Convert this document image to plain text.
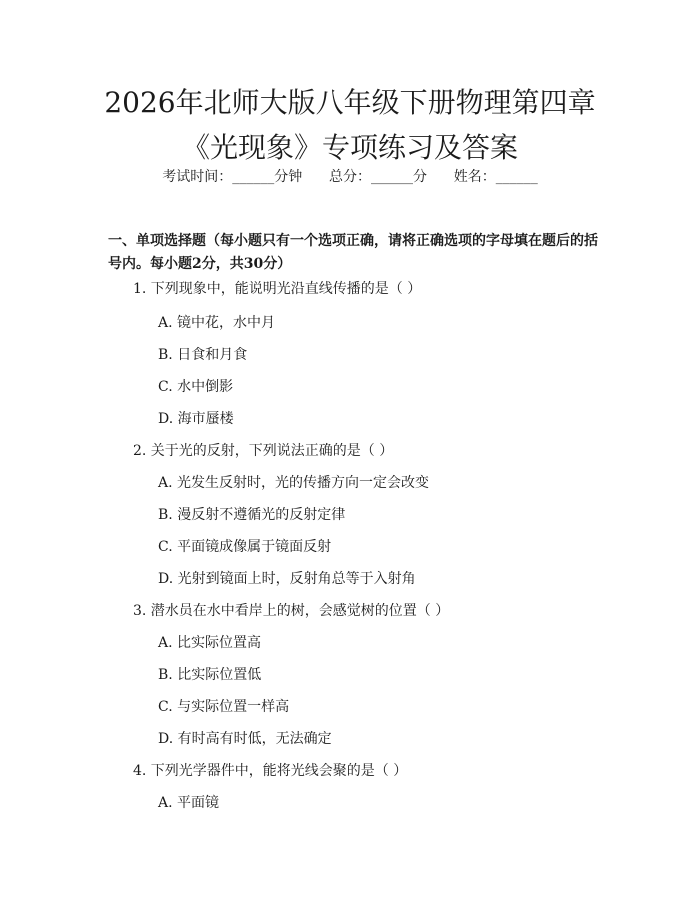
2026年北师大版八年级下册物理第四章《光现象》专项练习及答案
考试时间：______分钟      总分：______分      姓名：______
一、单项选择题（每小题只有一个选项正确，请将正确选项的字母填在题后的括号内。每小题2分，共30分）
1. 下列现象中，能说明光沿直线传播的是（ ）
A. 镜中花，水中月
B. 日食和月食
C. 水中倒影
D. 海市蜃楼
2. 关于光的反射，下列说法正确的是（ ）
A. 光发生反射时，光的传播方向一定会改变
B. 漫反射不遵循光的反射定律
C. 平面镜成像属于镜面反射
D. 光射到镜面上时，反射角总等于入射角
3. 潜水员在水中看岸上的树，会感觉树的位置（ ）
A. 比实际位置高
B. 比实际位置低
C. 与实际位置一样高
D. 有时高有时低，无法确定
4. 下列光学器件中，能将光线会聚的是（ ）
A. 平面镜
